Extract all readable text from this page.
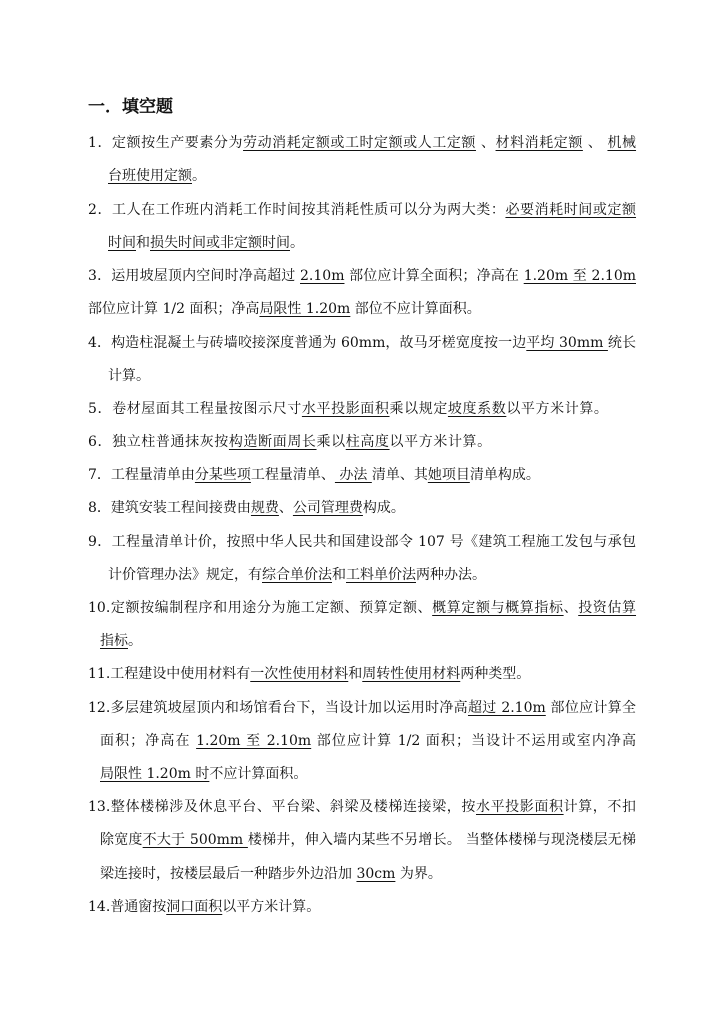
一．填空题
1．定额按生产要素分为劳动消耗定额或工时定额或人工定额 、材料消耗定额 、 机械
台班使用定额。
2．工人在工作班内消耗工作时间按其消耗性质可以分为两大类：必要消耗时间或定额
时间和损失时间或非定额时间。
3．运用坡屋顶内空间时净高超过 2.10m 部位应计算全面积；净高在 1.20m 至 2.10m
部位应计算 1/2 面积；净高局限性 1.20m 部位不应计算面积。
4．构造柱混凝土与砖墙咬接深度普通为 60mm，故马牙槎宽度按一边平均 30mm 统长
计算。
5．卷材屋面其工程量按图示尺寸水平投影面积乘以规定坡度系数以平方米计算。
6．独立柱普通抹灰按构造断面周长乘以柱高度以平方米计算。
7．工程量清单由分某些项工程量清单、 办法 清单、其她项目清单构成。
8．建筑安装工程间接费由规费、公司管理费构成。
9．工程量清单计价，按照中华人民共和国建设部令 107 号《建筑工程施工发包与承包
计价管理办法》规定，有综合单价法和工料单价法两种办法。
10.定额按编制程序和用途分为施工定额、预算定额、概算定额与概算指标、投资估算
指标。
11.工程建设中使用材料有一次性使用材料和周转性使用材料两种类型。
12.多层建筑坡屋顶内和场馆看台下，当设计加以运用时净高超过 2.10m 部位应计算全
面积；净高在 1.20m 至 2.10m 部位应计算 1/2 面积；当设计不运用或室内净高
局限性 1.20m 时不应计算面积。
13.整体楼梯涉及休息平台、平台梁、斜梁及楼梯连接梁，按水平投影面积计算，不扣
除宽度不大于 500mm 楼梯井，伸入墙内某些不另增长。 当整体楼梯与现浇楼层无梯
梁连接时，按楼层最后一种踏步外边沿加 30cm 为界。
14.普通窗按洞口面积以平方米计算。
